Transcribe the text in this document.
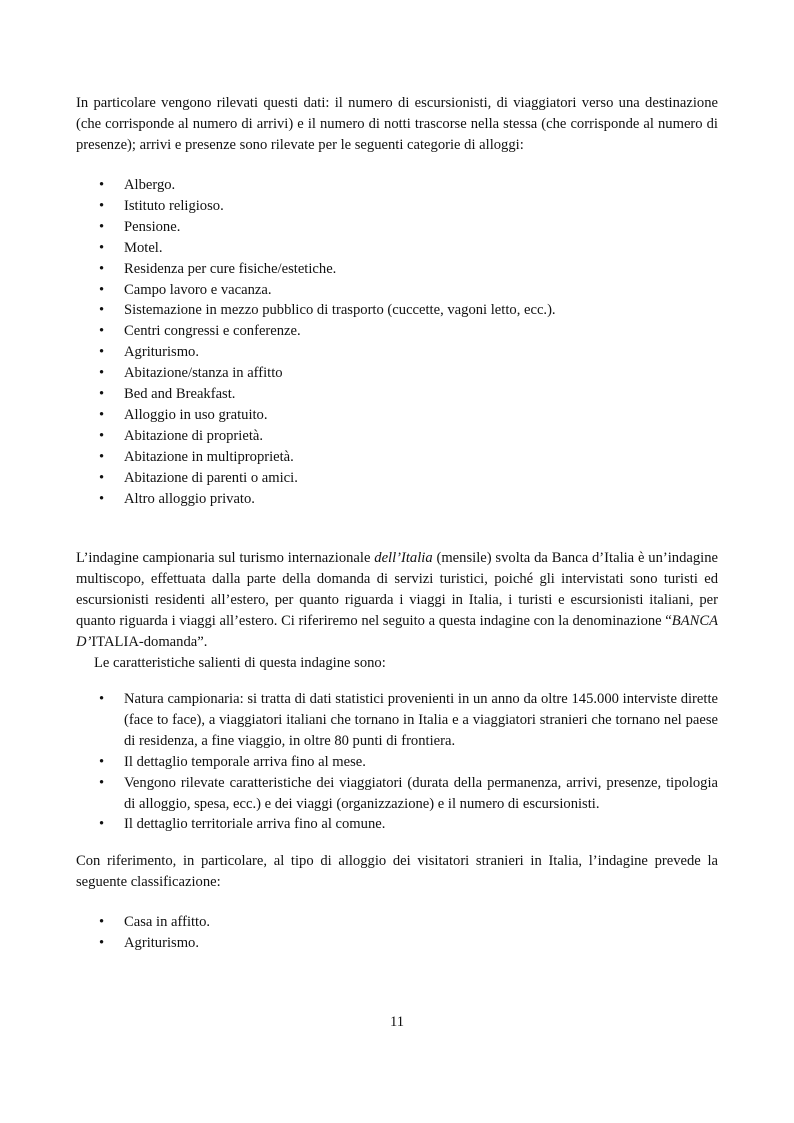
In particolare vengono rilevati questi dati: il numero di escursionisti, di viaggiatori verso una destinazione (che corrisponde al numero di arrivi) e il numero di notti trascorse nella stessa (che corrisponde al numero di presenze); arrivi e presenze sono rilevate per le seguenti categorie di alloggi:

• Albergo.
• Istituto religioso.
• Pensione.
• Motel.
• Residenza per cure fisiche/estetiche.
• Campo lavoro e vacanza.
• Sistemazione in mezzo pubblico di trasporto (cuccette, vagoni letto, ecc.).
• Centri congressi e conferenze.
• Agriturismo.
• Abitazione/stanza in affitto
• Bed and Breakfast.
• Alloggio in uso gratuito.
• Abitazione di proprietà.
• Abitazione in multiproprietà.
• Abitazione di parenti o amici.
• Altro alloggio privato.
L’indagine campionaria sul turismo internazionale dell’Italia (mensile) svolta da Banca d’Italia è un’indagine multiscopo, effettuata dalla parte della domanda di servizi turistici, poiché gli intervistati sono turisti ed escursionisti residenti all’estero, per quanto riguarda i viaggi in Italia, i turisti e escursionisti italiani, per quanto riguarda i viaggi all’estero. Ci riferiremo nel seguito a questa indagine con la denominazione “BANCA D’ITALIA-domanda”.
Le caratteristiche salienti di questa indagine sono:
• Natura campionaria: si tratta di dati statistici provenienti in un anno da oltre 145.000 interviste dirette (face to face), a viaggiatori italiani che tornano in Italia e a viaggiatori stranieri che tornano nel paese di residenza, a fine viaggio, in oltre 80 punti di frontiera.
• Il dettaglio temporale arriva fino al mese.
• Vengono rilevate caratteristiche dei viaggiatori (durata della permanenza, arrivi, presenze, tipologia di alloggio, spesa, ecc.) e dei viaggi (organizzazione) e il numero di escursionisti.
• Il dettaglio territoriale arriva fino al comune.

Con riferimento, in particolare, al tipo di alloggio dei visitatori stranieri in Italia, l’indagine prevede la seguente classificazione:

• Casa in affitto.
• Agriturismo.
11
